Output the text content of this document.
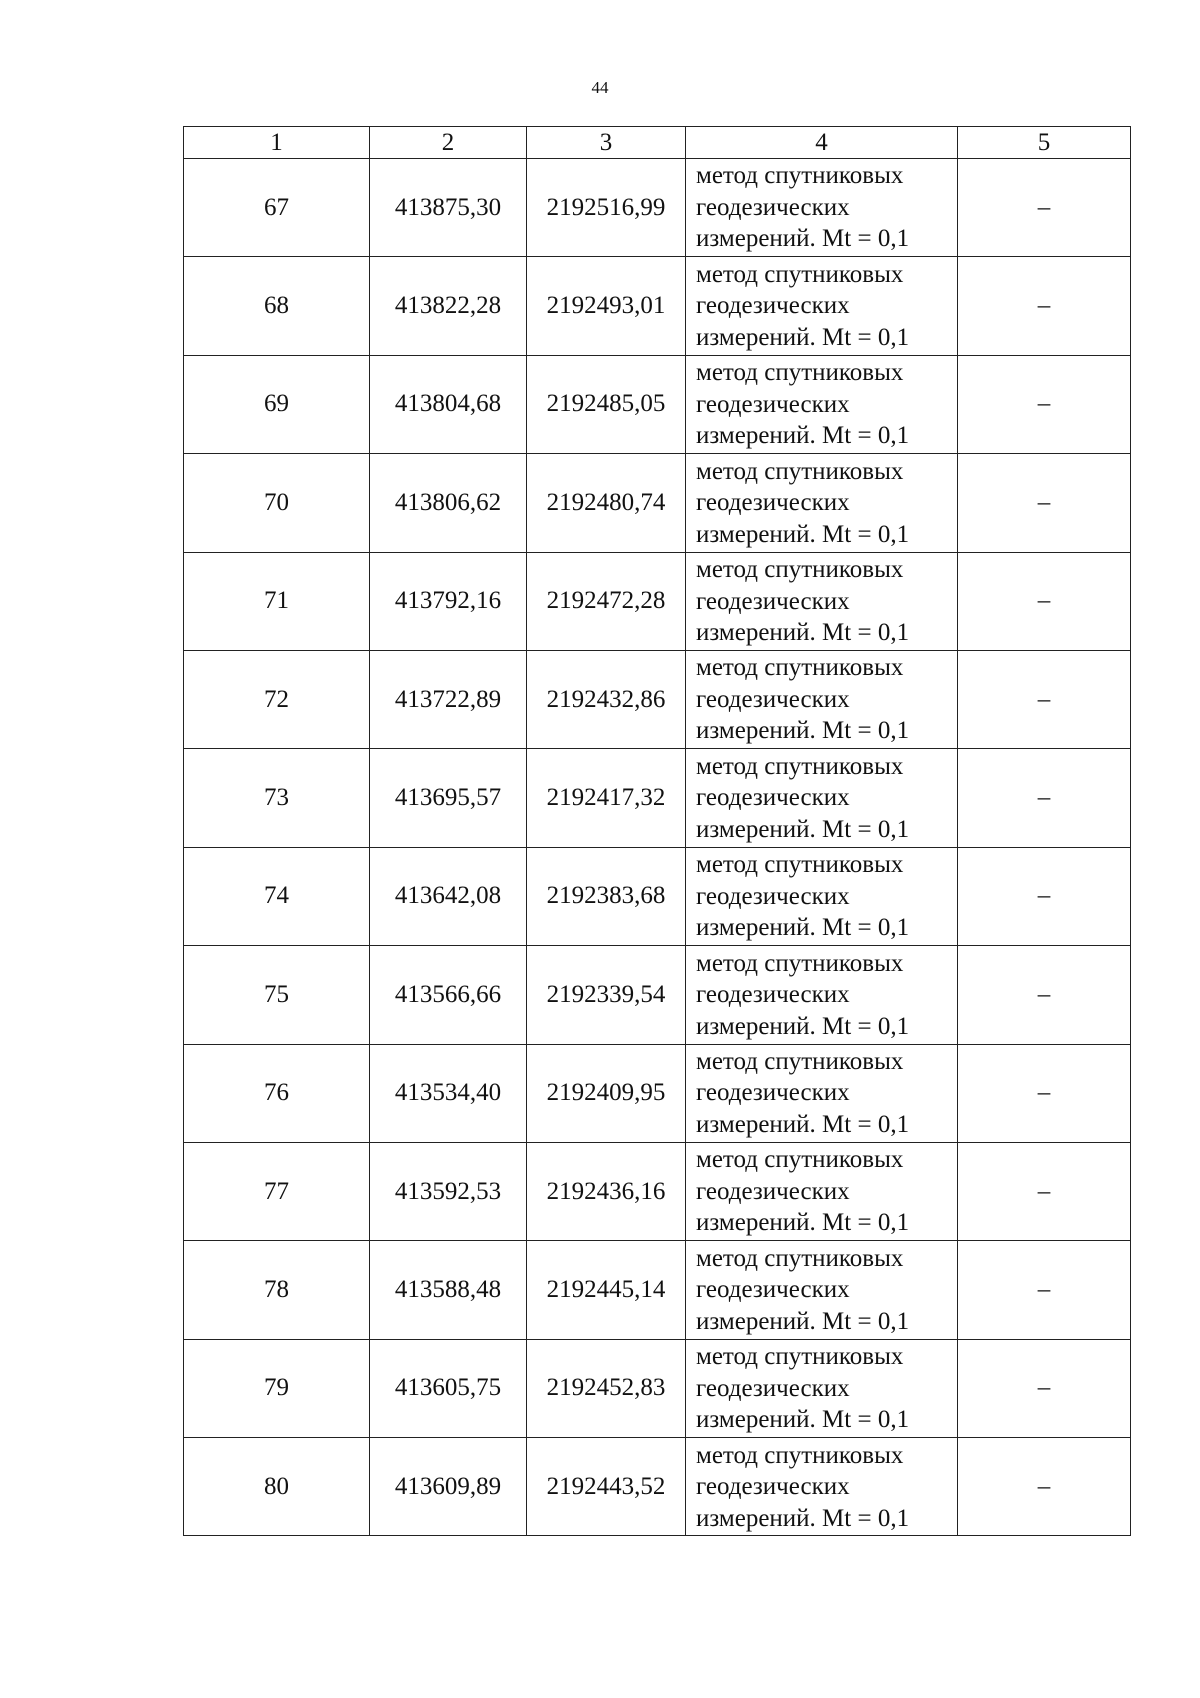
44
1	2	3	4	5
67	413875,30	2192516,99	метод спутниковых
геодезических
измерений. Mt = 0,1	–
68	413822,28	2192493,01	метод спутниковых
геодезических
измерений. Mt = 0,1	–
69	413804,68	2192485,05	метод спутниковых
геодезических
измерений. Mt = 0,1	–
70	413806,62	2192480,74	метод спутниковых
геодезических
измерений. Mt = 0,1	–
71	413792,16	2192472,28	метод спутниковых
геодезических
измерений. Mt = 0,1	–
72	413722,89	2192432,86	метод спутниковых
геодезических
измерений. Mt = 0,1	–
73	413695,57	2192417,32	метод спутниковых
геодезических
измерений. Mt = 0,1	–
74	413642,08	2192383,68	метод спутниковых
геодезических
измерений. Mt = 0,1	–
75	413566,66	2192339,54	метод спутниковых
геодезических
измерений. Mt = 0,1	–
76	413534,40	2192409,95	метод спутниковых
геодезических
измерений. Mt = 0,1	–
77	413592,53	2192436,16	метод спутниковых
геодезических
измерений. Mt = 0,1	–
78	413588,48	2192445,14	метод спутниковых
геодезических
измерений. Mt = 0,1	–
79	413605,75	2192452,83	метод спутниковых
геодезических
измерений. Mt = 0,1	–
80	413609,89	2192443,52	метод спутниковых
геодезических
измерений. Mt = 0,1	–
